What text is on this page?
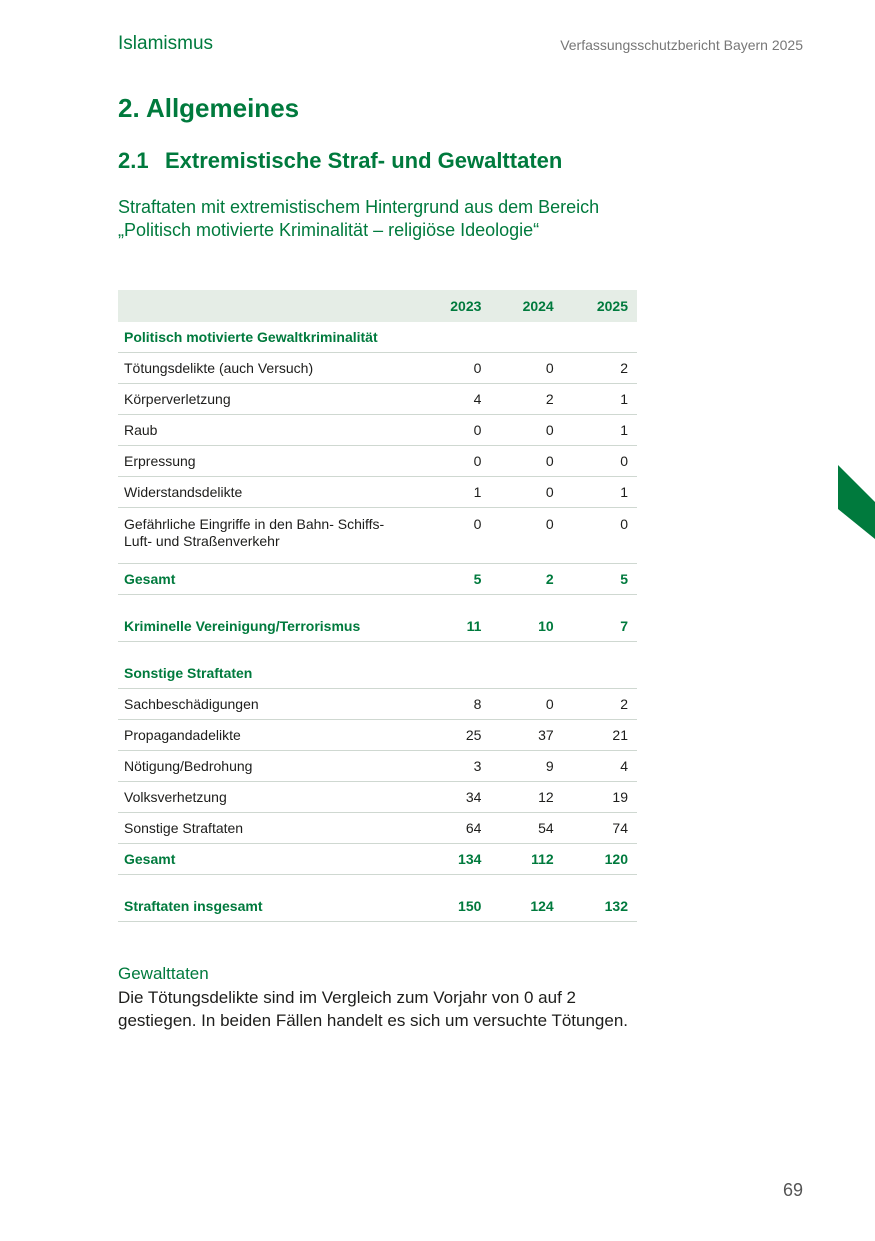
Islamismus	Verfassungsschutzbericht Bayern 2025
2. Allgemeines
2.1 Extremistische Straf- und Gewalttaten

Straftaten mit extremistischem Hintergrund aus dem Bereich „Politisch motivierte Kriminalität – religiöse Ideologie“

	2023	2024	2025
Politisch motivierte Gewaltkriminalität			
Tötungsdelikte (auch Versuch)	0	0	2
Körperverletzung	4	2	1
Raub	0	0	1
Erpressung	0	0	0
Widerstandsdelikte	1	0	1
Gefährliche Eingriffe in den Bahn- Schiffs-
Luft- und Straßenverkehr	0	0	0
Gesamt	5	2	5

Kriminelle Vereinigung/Terrorismus	11	10	7

Sonstige Straftaten			
Sachbeschädigungen	8	0	2
Propagandadelikte	25	37	21
Nötigung/Bedrohung	3	9	4
Volksverhetzung	34	12	19
Sonstige Straftaten	64	54	74
Gesamt	134	112	120

Straftaten insgesamt	150	124	132
Gewalttaten
Die Tötungsdelikte sind im Vergleich zum Vorjahr von 0 auf 2 gestiegen. In beiden Fällen handelt es sich um versuchte Tötungen.
69
